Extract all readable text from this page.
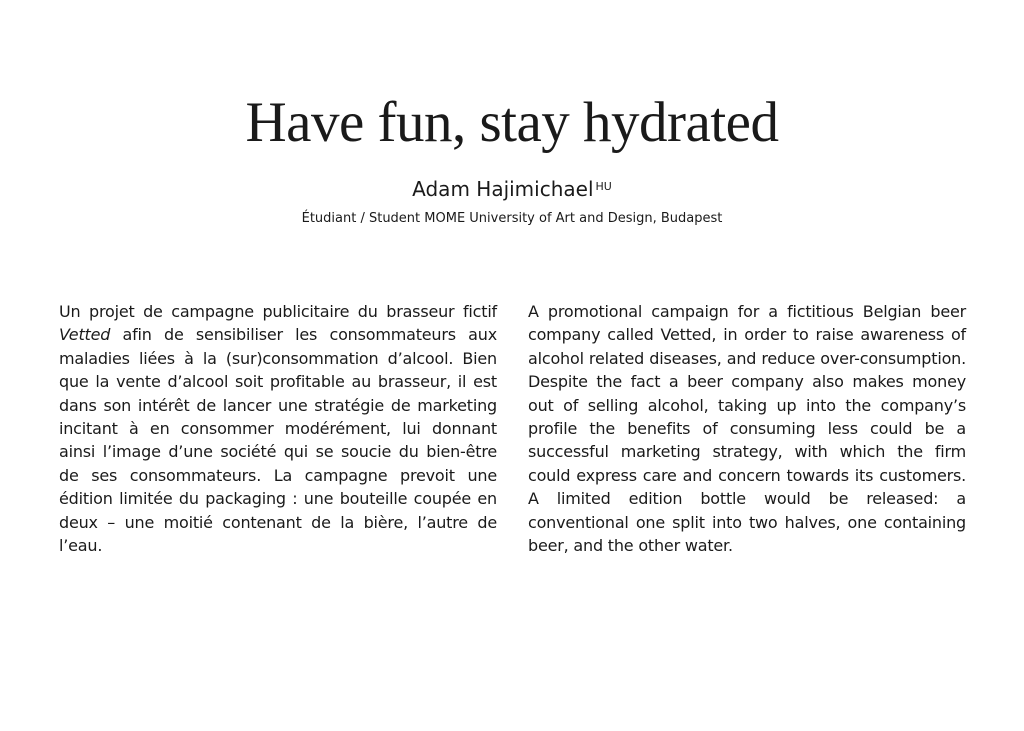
Have fun, stay hydrated
Adam Hajimichael $^{HU}$
Étudiant / Student MOME University of Art and Design, Budapest

Un projet de campagne publicitaire du brasseur fictif Vetted afin de sensibiliser les consommateurs aux maladies liées à la (sur)consommation d’alcool. Bien que la vente d’alcool soit profitable au brasseur, il est dans son intérêt de lancer une stratégie de marketing incitant à en consommer modérément, lui donnant ainsi l’image d’une société qui se soucie du bien-être de ses consommateurs. La campagne prevoit une édition limitée du packaging : une bouteille coupée en deux – une moitié contenant de la bière, l’autre de l’eau.

A promotional campaign for a fictitious Belgian beer company called Vetted, in order to raise awareness of alcohol related diseases, and reduce over-consumption. Despite the fact a beer company also makes money out of selling alcohol, taking up into the company’s profile the benefits of consuming less could be a successful marketing strategy, with which the firm could express care and concern towards its customers. A limited edition bottle would be released: a conventional one split into two halves, one containing beer, and the other water.
